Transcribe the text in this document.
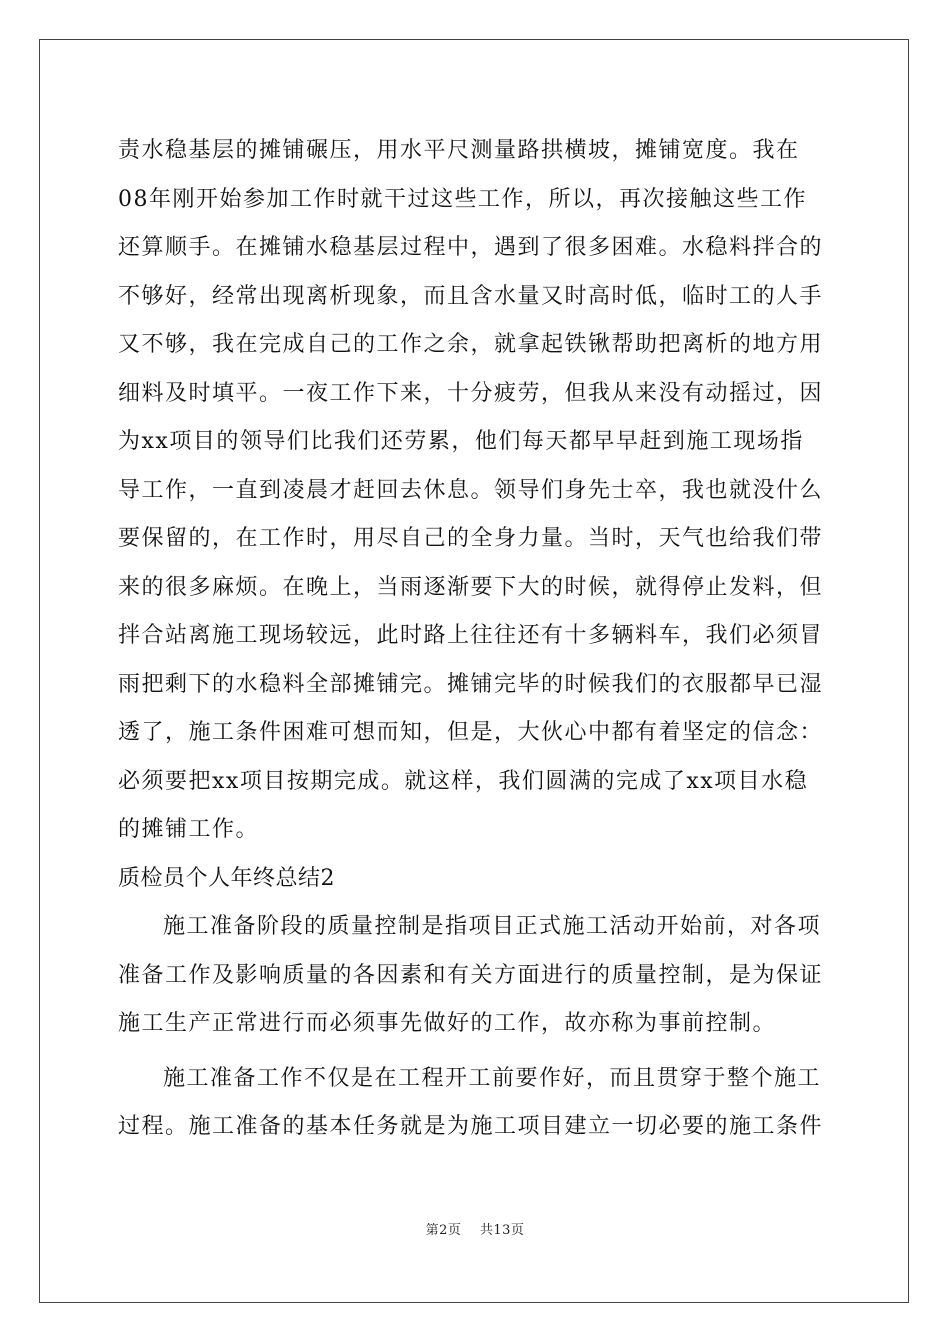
责水稳基层的摊铺碾压，用水平尺测量路拱横坡，摊铺宽度。我在
08年刚开始参加工作时就干过这些工作，所以，再次接触这些工作
还算顺手。在摊铺水稳基层过程中，遇到了很多困难。水稳料拌合的
不够好，经常出现离析现象，而且含水量又时高时低，临时工的人手
又不够，我在完成自己的工作之余，就拿起铁锹帮助把离析的地方用
细料及时填平。一夜工作下来，十分疲劳，但我从来没有动摇过，因
为xx项目的领导们比我们还劳累，他们每天都早早赶到施工现场指
导工作，一直到凌晨才赶回去休息。领导们身先士卒，我也就没什么
要保留的，在工作时，用尽自己的全身力量。当时，天气也给我们带
来的很多麻烦。在晚上，当雨逐渐要下大的时候，就得停止发料，但
拌合站离施工现场较远，此时路上往往还有十多辆料车，我们必须冒
雨把剩下的水稳料全部摊铺完。摊铺完毕的时候我们的衣服都早已湿
透了，施工条件困难可想而知，但是，大伙心中都有着坚定的信念：
必须要把xx项目按期完成。就这样，我们圆满的完成了xx项目水稳
的摊铺工作。
质检员个人年终总结2
施工准备阶段的质量控制是指项目正式施工活动开始前，对各项
准备工作及影响质量的各因素和有关方面进行的质量控制，是为保证
施工生产正常进行而必须事先做好的工作，故亦称为事前控制。
施工准备工作不仅是在工程开工前要作好，而且贯穿于整个施工
过程。施工准备的基本任务就是为施工项目建立一切必要的施工条件
第2页 共13页
